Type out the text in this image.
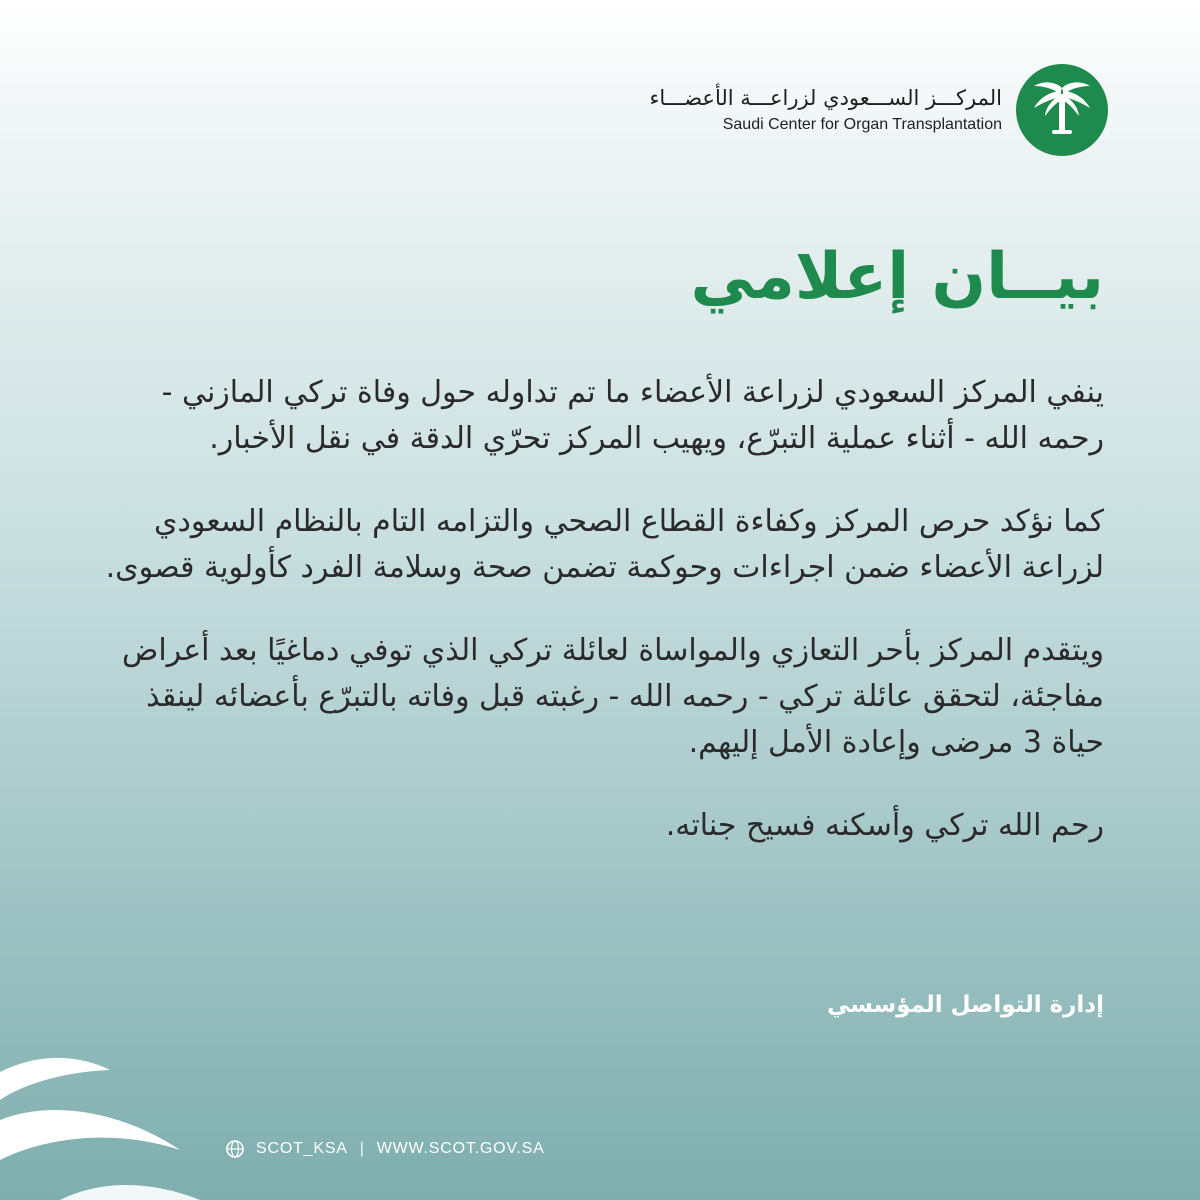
المركـــز الســـعودي لزراعـــة الأعضـــاء
Saudi Center for Organ Transplantation
بيــان إعلامي

ينفي المركز السعودي لزراعة الأعضاء ما تم تداوله حول وفاة تركي المازني - رحمه الله - أثناء عملية التبرّع، ويهيب المركز تحرّي الدقة في نقل الأخبار.

كما نؤكد حرص المركز وكفاءة القطاع الصحي والتزامه التام بالنظام السعودي لزراعة الأعضاء ضمن اجراءات وحوكمة تضمن صحة وسلامة الفرد كأولوية قصوى.

ويتقدم المركز بأحر التعازي والمواساة لعائلة تركي الذي توفي دماغيًا بعد أعراض مفاجئة، لتحقق عائلة تركي - رحمه الله - رغبته قبل وفاته بالتبرّع بأعضائه لينقذ حياة 3 مرضى وإعادة الأمل إليهم.

رحم الله تركي وأسكنه فسيح جناته.

إدارة التواصل المؤسسي
SCOT_KSA | WWW.SCOT.GOV.SA
